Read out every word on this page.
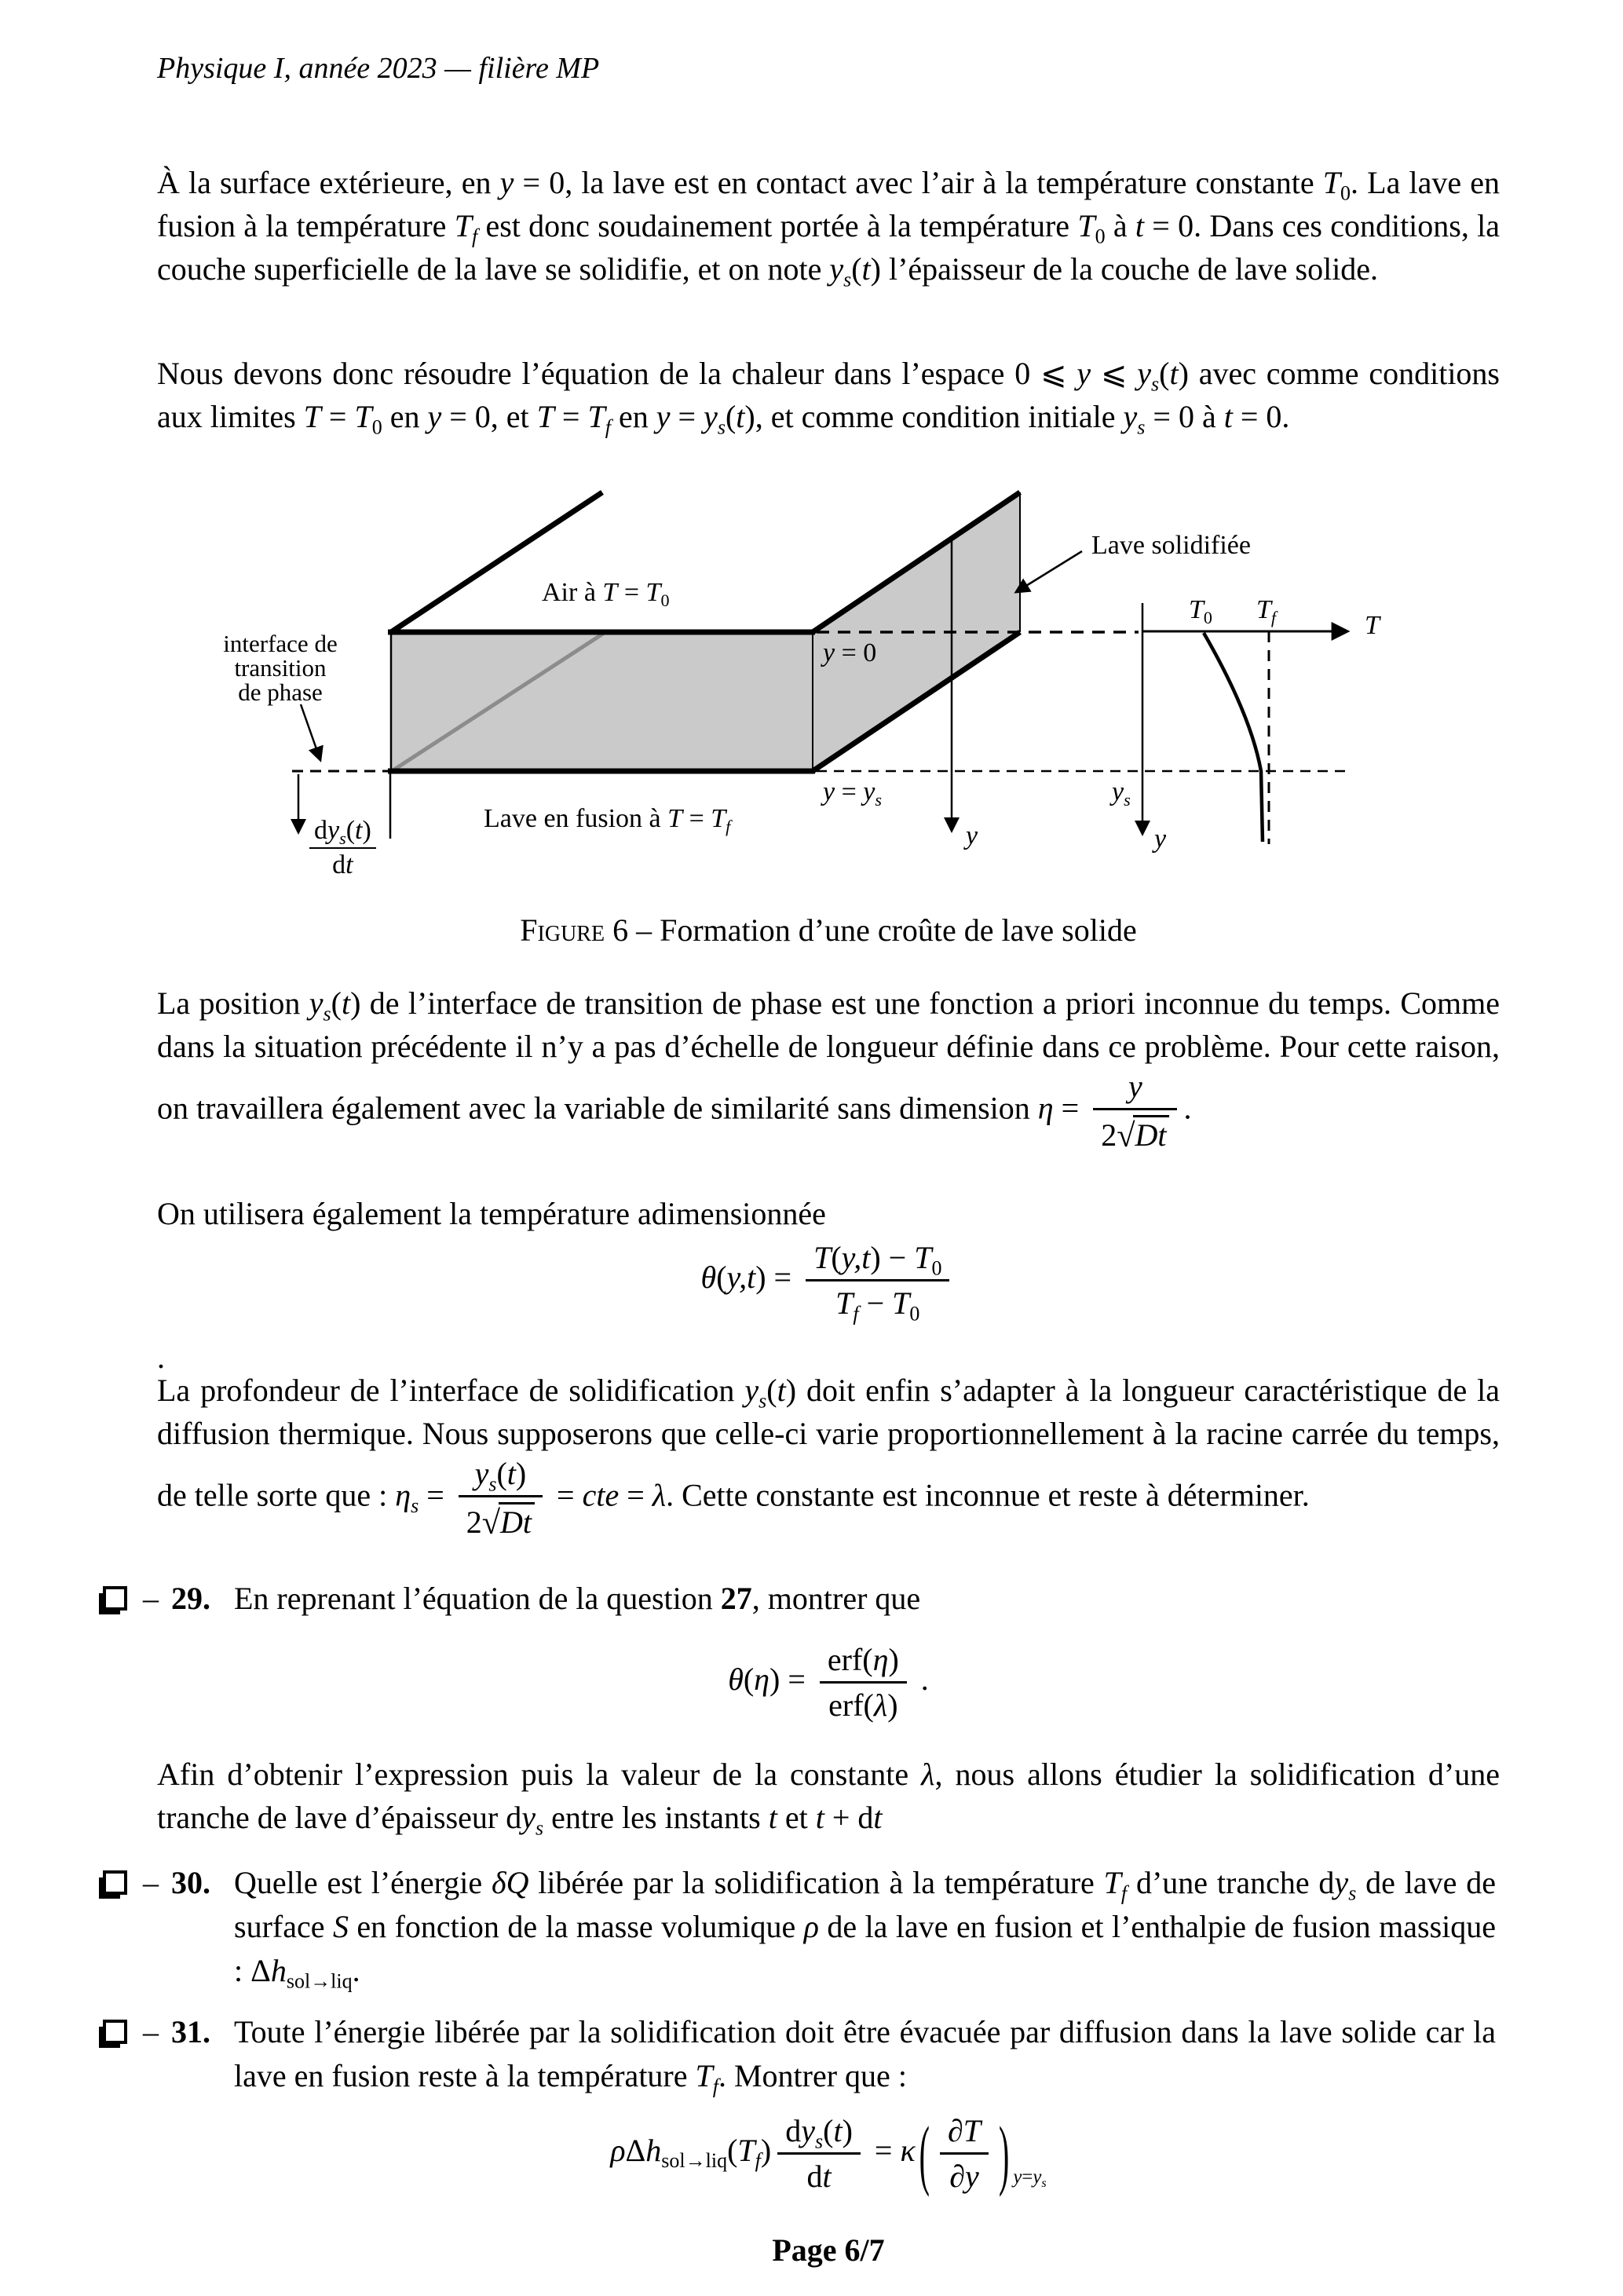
Physique I, année 2023 — filière MP
À la surface extérieure, en y = 0, la lave est en contact avec l’air à la température constante $T_0$. La lave en fusion à la température $T_f$ est donc soudainement portée à la température $T_0$ à t = 0. Dans ces conditions, la couche superficielle de la lave se solidifie, et on note $y_s(t)$ l’épaisseur de la couche de lave solide.
Nous devons donc résoudre l’équation de la chaleur dans l’espace 0 ⩽ y ⩽ $y_s(t)$ avec comme conditions aux limites $T = T_0$ en y = 0, et $T = T_f$ en $y = y_s(t)$, et comme condition initiale $y_s = 0$ à t = 0.
Air à $T = T_0$
Lave solidifiée
interface de
transition
de phase
y = 0
$y = y_s$	$y_s$
Lave en fusion à $T = T_f$
$\frac{dy_s(t)}{dt}$	y	y
$T_0$ $T_f$	T
Figure 6 – Formation d’une croûte de lave solide
La position $y_s(t)$ de l’interface de transition de phase est une fonction a priori inconnue du temps. Comme dans la situation précédente il n’y a pas d’échelle de longueur définie dans ce problème. Pour cette raison, on travaillera également avec la variable de similarité sans dimension $\eta = \frac{y}{2√Dt}$ .
On utilisera également la température adimensionnée
$\theta(y,t) = \frac{T(y,t) - T_0}{T_f - T_0}$
.
La profondeur de l’interface de solidification $y_s(t)$ doit enfin s’adapter à la longueur caractéristique de la diffusion thermique. Nous supposerons que celle-ci varie proportionnellement à la racine carrée du temps, de telle sorte que : $\eta_s = \frac{y_s(t)}{2√Dt}$ = cte = λ. Cette constante est inconnue et reste à déterminer.
– 29. En reprenant l’équation de la question 27, montrer que
$\theta(\eta) = \frac{\text{erf(η)}}{\text{erf(λ)}}$ .
Afin d’obtenir l’expression puis la valeur de la constante λ, nous allons étudier la solidification d’une tranche de lave d’épaisseur $dy_s$ entre les instants t et t + dt
– 30. Quelle est l’énergie δQ libérée par la solidification à la température $T_f$ d’une tranche $dy_s$ de lave de surface S en fonction de la masse volumique ρ de la lave en fusion et l’enthalpie de fusion massique : $\Delta h_{sol\to liq}$.
– 31. Toute l’énergie libérée par la solidification doit être évacuée par diffusion dans la lave solide car la lave en fusion reste à la température $T_f$. Montrer que :
$\rho\Delta h_{sol\to liq}(T_f) \frac{dy_s(t)}{dt} = \kappa$ ( $\frac{\partial T}{\partial y}$ ) $_{y=y_s}$
Page 6/7
